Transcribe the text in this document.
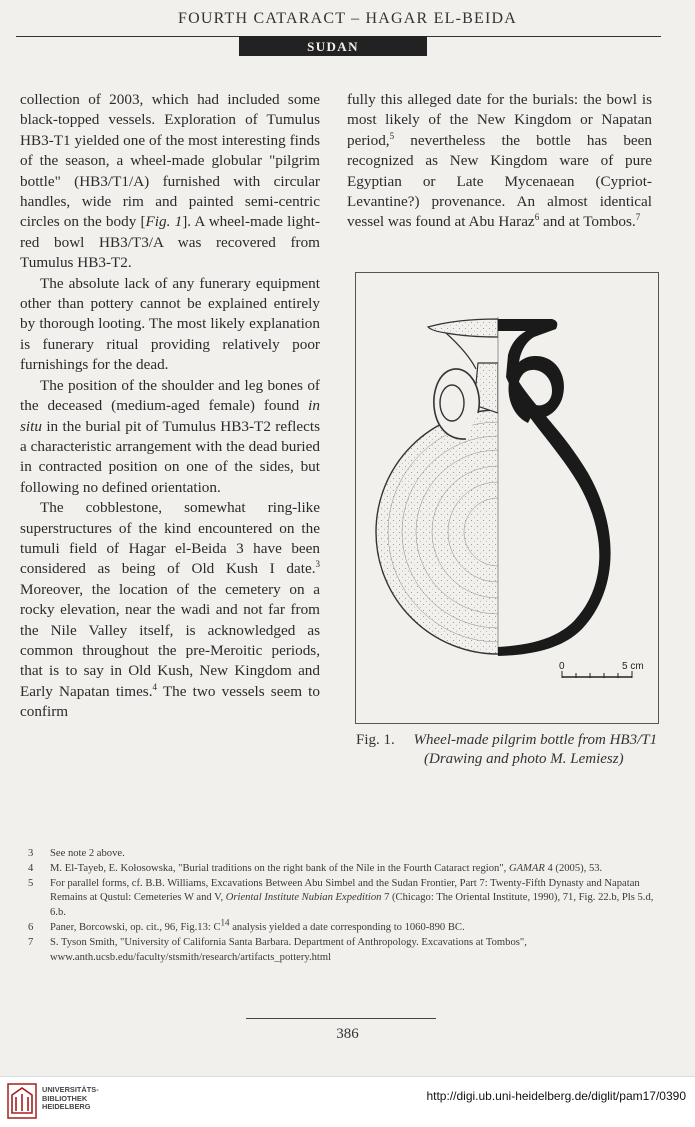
FOURTH CATARACT – HAGAR EL-BEIDA
SUDAN

collection of 2003, which had included some black-topped vessels. Exploration of Tumulus HB3-T1 yielded one of the most interesting finds of the season, a wheel-made globular "pilgrim bottle" (HB3/T1/A) furnished with circular handles, wide rim and painted semi-centric circles on the body [Fig. 1]. A wheel-made light-red bowl HB3/T3/A was recovered from Tumulus HB3-T2.

The absolute lack of any funerary equipment other than pottery cannot be explained entirely by thorough looting. The most likely explanation is funerary ritual providing relatively poor furnishings for the dead.

The position of the shoulder and leg bones of the deceased (medium-aged female) found in situ in the burial pit of Tumulus HB3-T2 reflects a characteristic arrangement with the dead buried in contracted position on one of the sides, but following no defined orientation.

The cobblestone, somewhat ring-like superstructures of the kind encountered on the tumuli field of Hagar el-Beida 3 have been considered as being of Old Kush I date.$^3$ Moreover, the location of the cemetery on a rocky elevation, near the wadi and not far from the Nile Valley itself, is acknowledged as common throughout the pre-Meroitic periods, that is to say in Old Kush, New Kingdom and Early Napatan times.$^4$ The two vessels seem to confirm

fully this alleged date for the burials: the bowl is most likely of the New Kingdom or Napatan period,$^5$ nevertheless the bottle has been recognized as New Kingdom ware of pure Egyptian or Late Mycenaean (Cypriot-Levantine?) provenance. An almost identical vessel was found at Abu Haraz$^6$ and at Tombos.$^7$

0	5 cm
Fig. 1. Wheel-made pilgrim bottle from HB3/T1
(Drawing and photo M. Lemiesz)

3 See note 2 above.

4 M. El-Tayeb, E. Kołosowska, "Burial traditions on the right bank of the Nile in the Fourth Cataract region", GAMAR 4 (2005), 53.

5 For parallel forms, cf. B.B. Williams, Excavations Between Abu Simbel and the Sudan Frontier, Part 7: Twenty-Fifth Dynasty and Napatan Remains at Qustul: Cemeteries W and V, Oriental Institute Nubian Expedition 7 (Chicago: The Oriental Institute, 1990), 71, Fig. 22.b, Pls 5.d, 6.b.

6 Paner, Borcowski, op. cit., 96, Fig.13: $C^{14}$ analysis yielded a date corresponding to 1060-890 BC.

7 S. Tyson Smith, "University of California Santa Barbara. Department of Anthropology. Excavations at Tombos", www.anth.ucsb.edu/faculty/stsmith/research/artifacts_pottery.html

386
UNIVERSITÄTS-
BIBLIOTHEK
HEIDELBERG
http://digi.ub.uni-heidelberg.de/diglit/pam17/0390
